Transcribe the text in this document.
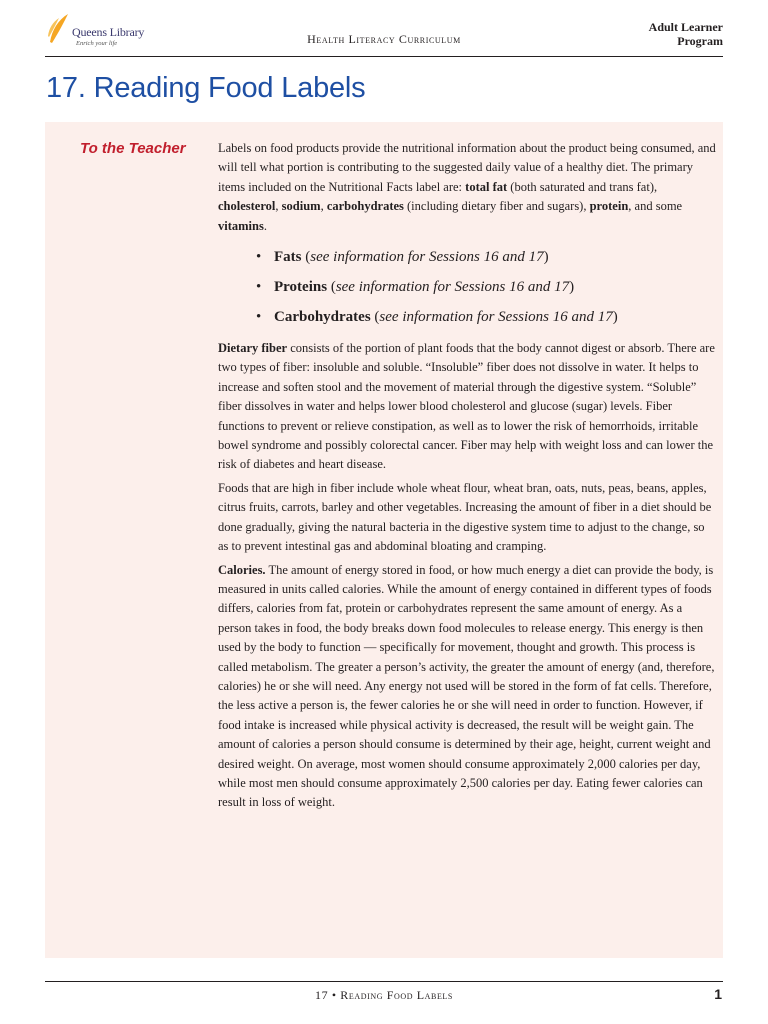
Queens Library
Enrich your life	Health Literacy Curriculum
Adult Learner
Program
17. Reading Food Labels
To the Teacher	Labels on food products provide the nutritional information about the product being consumed, and will tell what portion is contributing to the suggested daily value of a healthy diet. The primary items included on the Nutritional Facts label are: total fat (both saturated and trans fat), cholesterol, sodium, carbohydrates (including dietary fiber and sugars), protein, and some vitamins.

• Fats (see information for Sessions 16 and 17)
• Proteins (see information for Sessions 16 and 17)
• Carbohydrates (see information for Sessions 16 and 17)

Dietary fiber consists of the portion of plant foods that the body cannot digest or absorb. There are two types of fiber: insoluble and soluble. “Insoluble” fiber does not dissolve in water. It helps to increase and soften stool and the movement of material through the digestive system. “Soluble” fiber dissolves in water and helps lower blood cholesterol and glucose (sugar) levels. Fiber functions to prevent or relieve constipation, as well as to lower the risk of hemorrhoids, irritable bowel syndrome and possibly colorectal cancer. Fiber may help with weight loss and can lower the risk of diabetes and heart disease.

Foods that are high in fiber include whole wheat flour, wheat bran, oats, nuts, peas, beans, apples, citrus fruits, carrots, barley and other vegetables. Increasing the amount of fiber in a diet should be done gradually, giving the natural bacteria in the digestive system time to adjust to the change, so as to prevent intestinal gas and abdominal bloating and cramping.

Calories. The amount of energy stored in food, or how much energy a diet can provide the body, is measured in units called calories. While the amount of energy contained in different types of foods differs, calories from fat, protein or carbohydrates represent the same amount of energy. As a person takes in food, the body breaks down food molecules to release energy. This energy is then used by the body to function — specifically for movement, thought and growth. This process is called metabolism. The greater a person’s activity, the greater the amount of energy (and, therefore, calories) he or she will need. Any energy not used will be stored in the form of fat cells. Therefore, the less active a person is, the fewer calories he or she will need in order to function. However, if food intake is increased while physical activity is decreased, the result will be weight gain. The amount of calories a person should consume is determined by their age, height, current weight and desired weight. On average, most women should consume approximately 2,000 calories per day, while most men should consume approximately 2,500 calories per day. Eating fewer calories can result in loss of weight.

17 • Reading Food Labels	1
